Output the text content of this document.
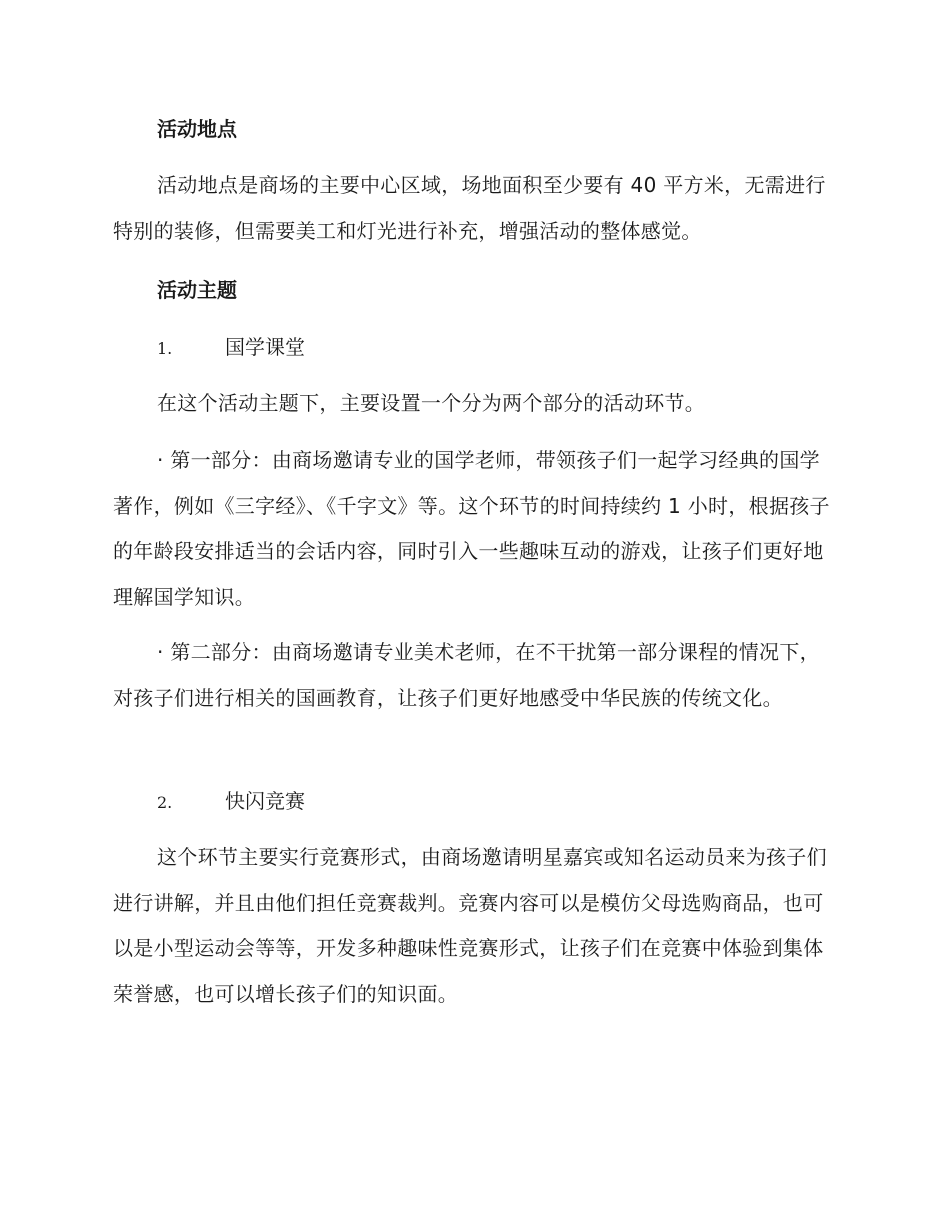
活动地点

活动地点是商场的主要中心区域，场地面积至少要有 40 平方米，无需进行特别的装修，但需要美工和灯光进行补充，增强活动的整体感觉。

活动主题
1.	国学课堂

在这个活动主题下，主要设置一个分为两个部分的活动环节。

· 第一部分：由商场邀请专业的国学老师，带领孩子们一起学习经典的国学著作，例如《三字经》、《千字文》等。这个环节的时间持续约 1 小时，根据孩子的年龄段安排适当的会话内容，同时引入一些趣味互动的游戏，让孩子们更好地理解国学知识。

· 第二部分：由商场邀请专业美术老师，在不干扰第一部分课程的情况下，对孩子们进行相关的国画教育，让孩子们更好地感受中华民族的传统文化。

2.	快闪竞赛

这个环节主要实行竞赛形式，由商场邀请明星嘉宾或知名运动员来为孩子们进行讲解，并且由他们担任竞赛裁判。竞赛内容可以是模仿父母选购商品，也可以是小型运动会等等，开发多种趣味性竞赛形式，让孩子们在竞赛中体验到集体荣誉感，也可以增长孩子们的知识面。
